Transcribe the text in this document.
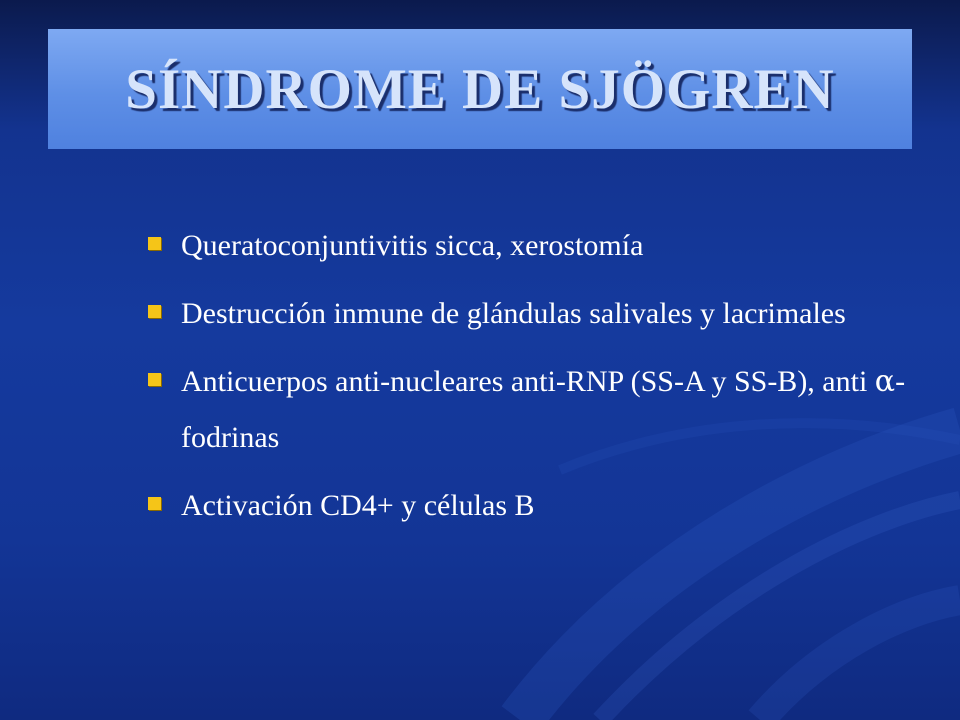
SÍNDROME DE SJÖGREN
Queratoconjuntivitis sicca, xerostomía
Destrucción inmune de glándulas salivales y lacrimales
Anticuerpos anti-nucleares anti-RNP (SS-A y SS-B), anti α-fodrinas
Activación CD4+ y células B
